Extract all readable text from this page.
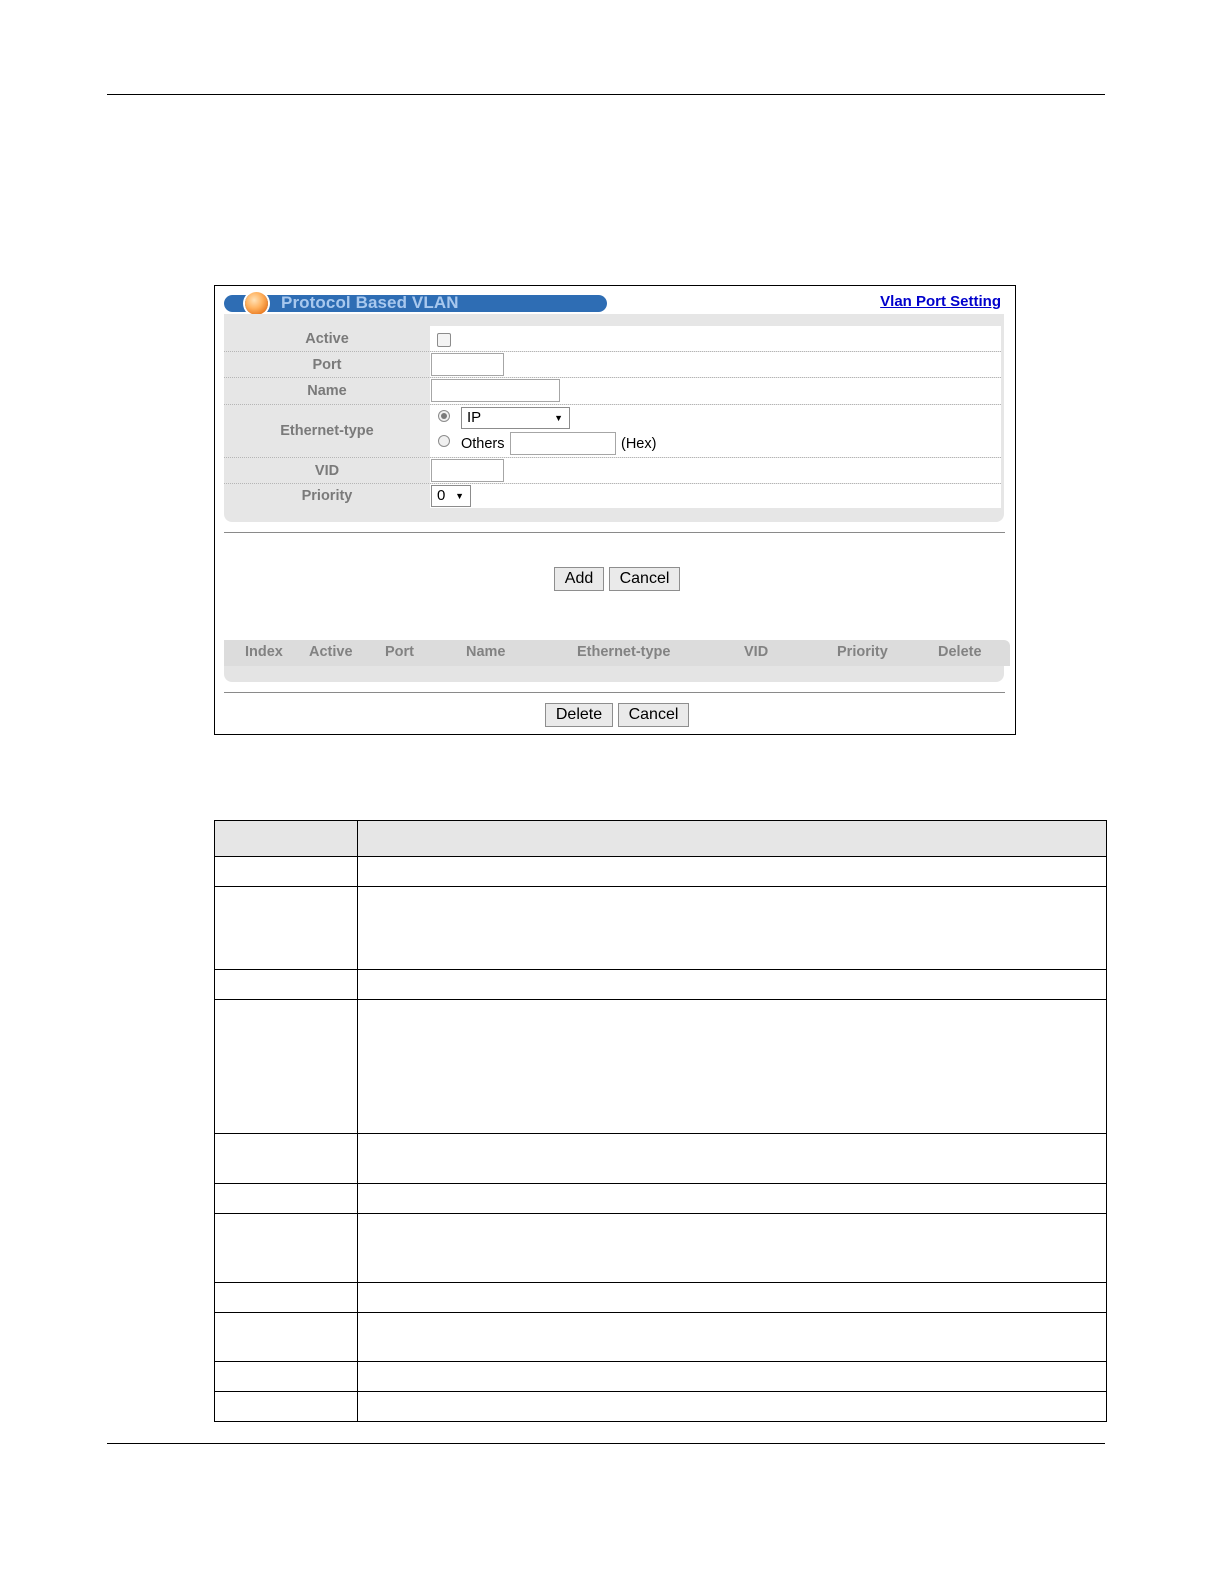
Protocol Based VLAN	Vlan Port Setting
Active
Port
Name
Ethernet-type
IP	▼
Others	(Hex)
VID
Priority	0 ▼
Add	Cancel
Index Active Port	Name	Ethernet-type	VID	Priority	Delete
Delete	Cancel
